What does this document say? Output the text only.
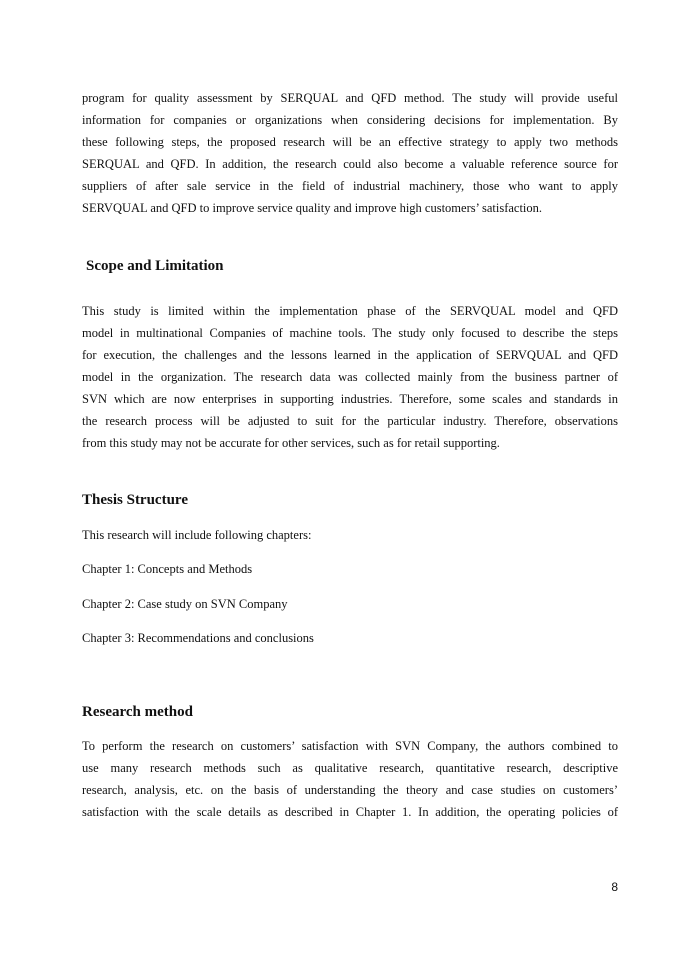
program for quality assessment by SERQUAL and QFD method. The study will provide useful
information for companies or organizations when considering decisions for implementation. By
these following steps, the proposed research will be an effective strategy to apply two methods
SERQUAL and QFD. In addition, the research could also become a valuable reference source for
suppliers of after sale service in the field of industrial machinery, those who want to apply
SERVQUAL and QFD to improve service quality and improve high customers’ satisfaction.
Scope and Limitation
This study is limited within the implementation phase of the SERVQUAL model and QFD
model in multinational Companies of machine tools. The study only focused to describe the steps
for execution, the challenges and the lessons learned in the application of SERVQUAL and QFD
model in the organization. The research data was collected mainly from the business partner of
SVN which are now enterprises in supporting industries. Therefore, some scales and standards in
the research process will be adjusted to suit for the particular industry. Therefore, observations
from this study may not be accurate for other services, such as for retail supporting.
Thesis Structure

This research will include following chapters:

Chapter 1: Concepts and Methods

Chapter 2: Case study on SVN Company

Chapter 3: Recommendations and conclusions

Research method
To perform the research on customers’ satisfaction with SVN Company, the authors combined to
use many research methods such as qualitative research, quantitative research, descriptive
research, analysis, etc. on the basis of understanding the theory and case studies on customers’
satisfaction with the scale details as described in Chapter 1. In addition, the operating policies of
8
